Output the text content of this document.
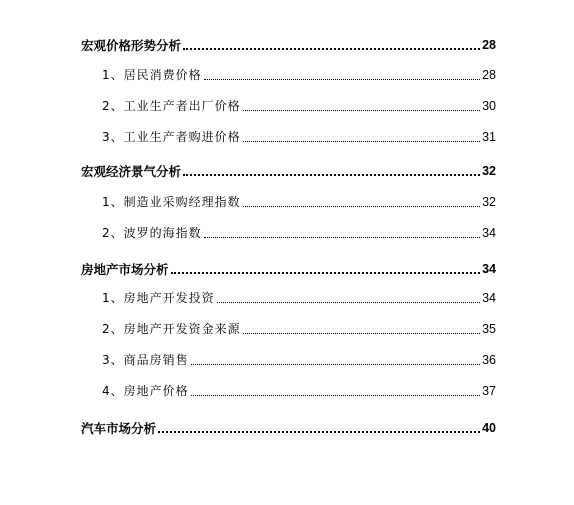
宏观价格形势分析	28
1、居民消费价格	28
2、工业生产者出厂价格	30
3、工业生产者购进价格	31
宏观经济景气分析	32
1、制造业采购经理指数	32
2、波罗的海指数	34
房地产市场分析	34
1、房地产开发投资	34
2、房地产开发资金来源	35
3、商品房销售	36
4、房地产价格	37
汽车市场分析	40
